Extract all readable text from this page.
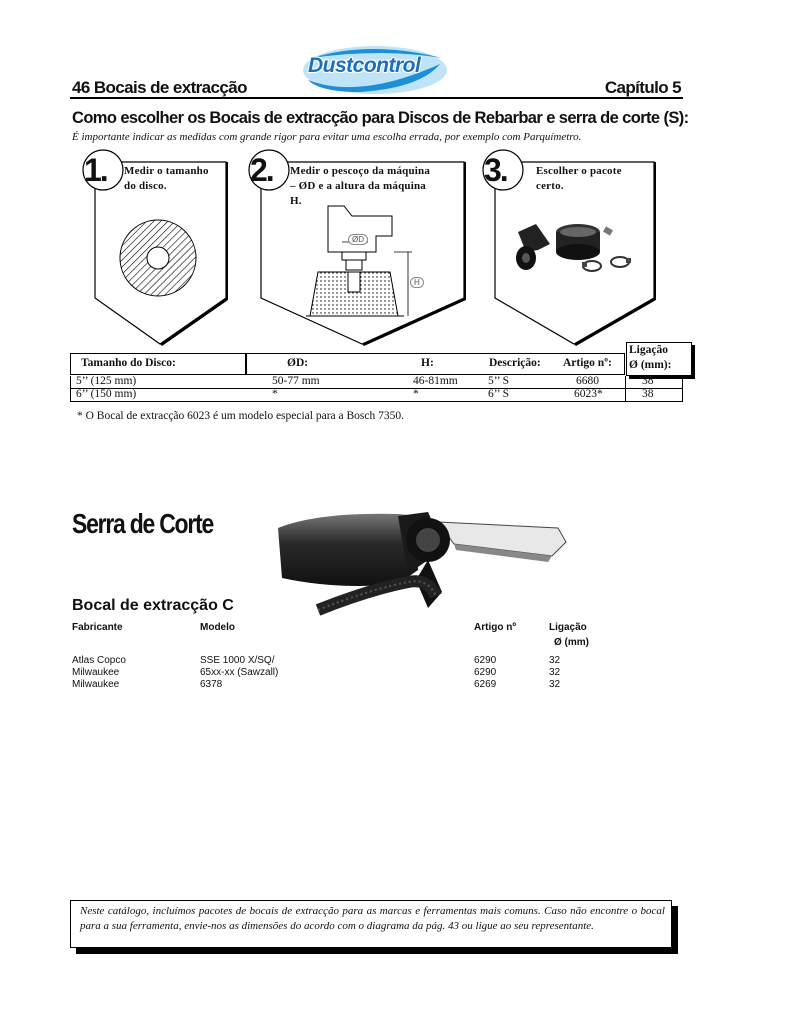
Dustcontrol
46 Bocais de extracção	Capítulo 5
Como escolher os Bocais de extracção para Discos de Rebarbar e serra de corte (S):
É importante indicar as medidas com grande rigor para evitar uma escolha errada, por exemplo com Parquímetro.
1. Medir o tamanho
do disco.	2. Medir o pescoço da máquina
– ØD e a altura da máquina
H.
ØD
H
3.	Escolher o pacote
certo.
Tamanho do Disco:	ØD:	H:	Descrição: Artigo nº:
Ligação
Ø (mm):
5’’ (125 mm)	50-77 mm	46-81mm	5’’ S	6680	38
6’’ (150 mm)	*	*	6’’ S	6023*	38
* O Bocal de extracção 6023 é um modelo especial para a Bosch 7350.
Serra de Corte
Bocal de extracção C
Fabricante	Modelo	Artigo nº	Ligação
Ø (mm)
Atlas Copco	SSE 1000 X/SQ/	6290	32
Milwaukee	65xx-xx (Sawzall)	6290	32
Milwaukee	6378	6269	32
Neste catálogo, incluímos pacotes de bocais de extracção para as marcas e ferramentas mais comuns. Caso não encontre o bocal para a sua ferramenta, envie-nos as dimensões do acordo com o diagrama da pág. 43 ou ligue ao seu representante.
